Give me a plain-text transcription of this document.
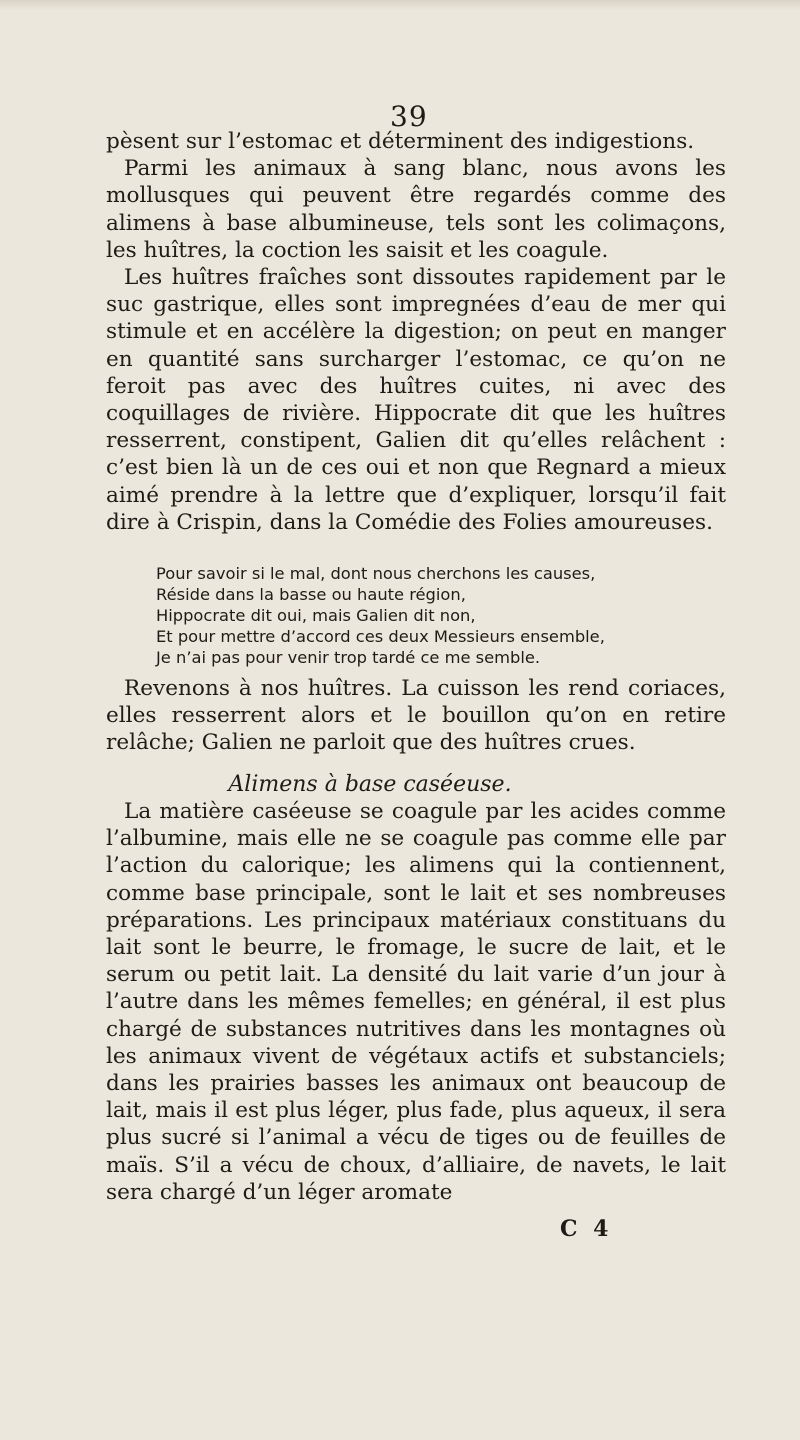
39

pèsent sur l’estomac et déterminent des indigestions.

Parmi les animaux à sang blanc, nous avons les mollusques qui peuvent être regardés comme des alimens à base albumineuse, tels sont les colimaçons, les huîtres, la coction les saisit et les coagule.

Les huîtres fraîches sont dissoutes rapidement par le suc gastrique, elles sont impregnées d’eau de mer qui stimule et en accélère la digestion; on peut en manger en quantité sans surcharger l’estomac, ce qu’on ne feroit pas avec des huîtres cuites, ni avec des coquillages de rivière. Hippocrate dit que les huîtres resserrent, constipent, Galien dit qu’elles relâchent : c’est bien là un de ces oui et non que Regnard a mieux aimé prendre à la lettre que d’expliquer, lorsqu’il fait dire à Crispin, dans la Comédie des Folies amoureuses.

Pour savoir si le mal, dont nous cherchons les causes,
Réside dans la basse ou haute région,
Hippocrate dit oui, mais Galien dit non,
Et pour mettre d’accord ces deux Messieurs ensemble,
Je n’ai pas pour venir trop tardé ce me semble.

Revenons à nos huîtres. La cuisson les rend coriaces, elles resserrent alors et le bouillon qu’on en retire relâche; Galien ne parloit que des huîtres crues.

Alimens à base caséeuse.

La matière caséeuse se coagule par les acides comme l’albumine, mais elle ne se coagule pas comme elle par l’action du calorique; les alimens qui la contiennent, comme base principale, sont le lait et ses nombreuses préparations. Les principaux matériaux constituans du lait sont le beurre, le fromage, le sucre de lait, et le serum ou petit lait. La densité du lait varie d’un jour à l’autre dans les mêmes femelles; en général, il est plus chargé de substances nutritives dans les montagnes où les animaux vivent de végétaux actifs et substanciels; dans les prairies basses les animaux ont beaucoup de lait, mais il est plus léger, plus fade, plus aqueux, il sera plus sucré si l’animal a vécu de tiges ou de feuilles de maïs. S’il a vécu de choux, d’alliaire, de navets, le lait sera chargé d’un léger aromate

C 4
